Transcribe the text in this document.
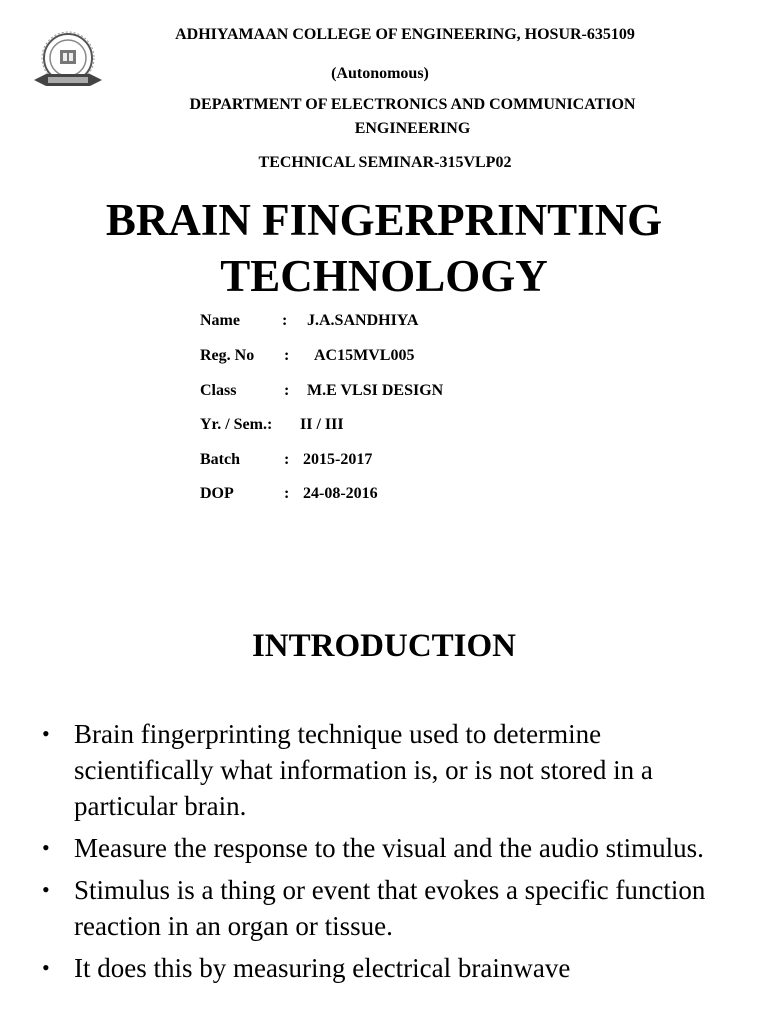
ADHIYAMAAN COLLEGE OF ENGINEERING, HOSUR-635109
(Autonomous)
DEPARTMENT OF ELECTRONICS AND COMMUNICATION
ENGINEERING
TECHNICAL SEMINAR-315VLP02
BRAIN FINGERPRINTING
TECHNOLOGY
Name	: J.A.SANDHIYA
Reg. No : AC15MVL005
Class	: M.E VLSI DESIGN
Yr. / Sem.: II / III
Batch	: 2015-2017
DOP	: 24-08-2016
INTRODUCTION
• Brain fingerprinting technique used to determine scientifically what information is, or is not stored in a particular brain.
• Measure the response to the visual and the audio stimulus.
• Stimulus is a thing or event that evokes a specific function reaction in an organ or tissue.
• It does this by measuring electrical brainwave
